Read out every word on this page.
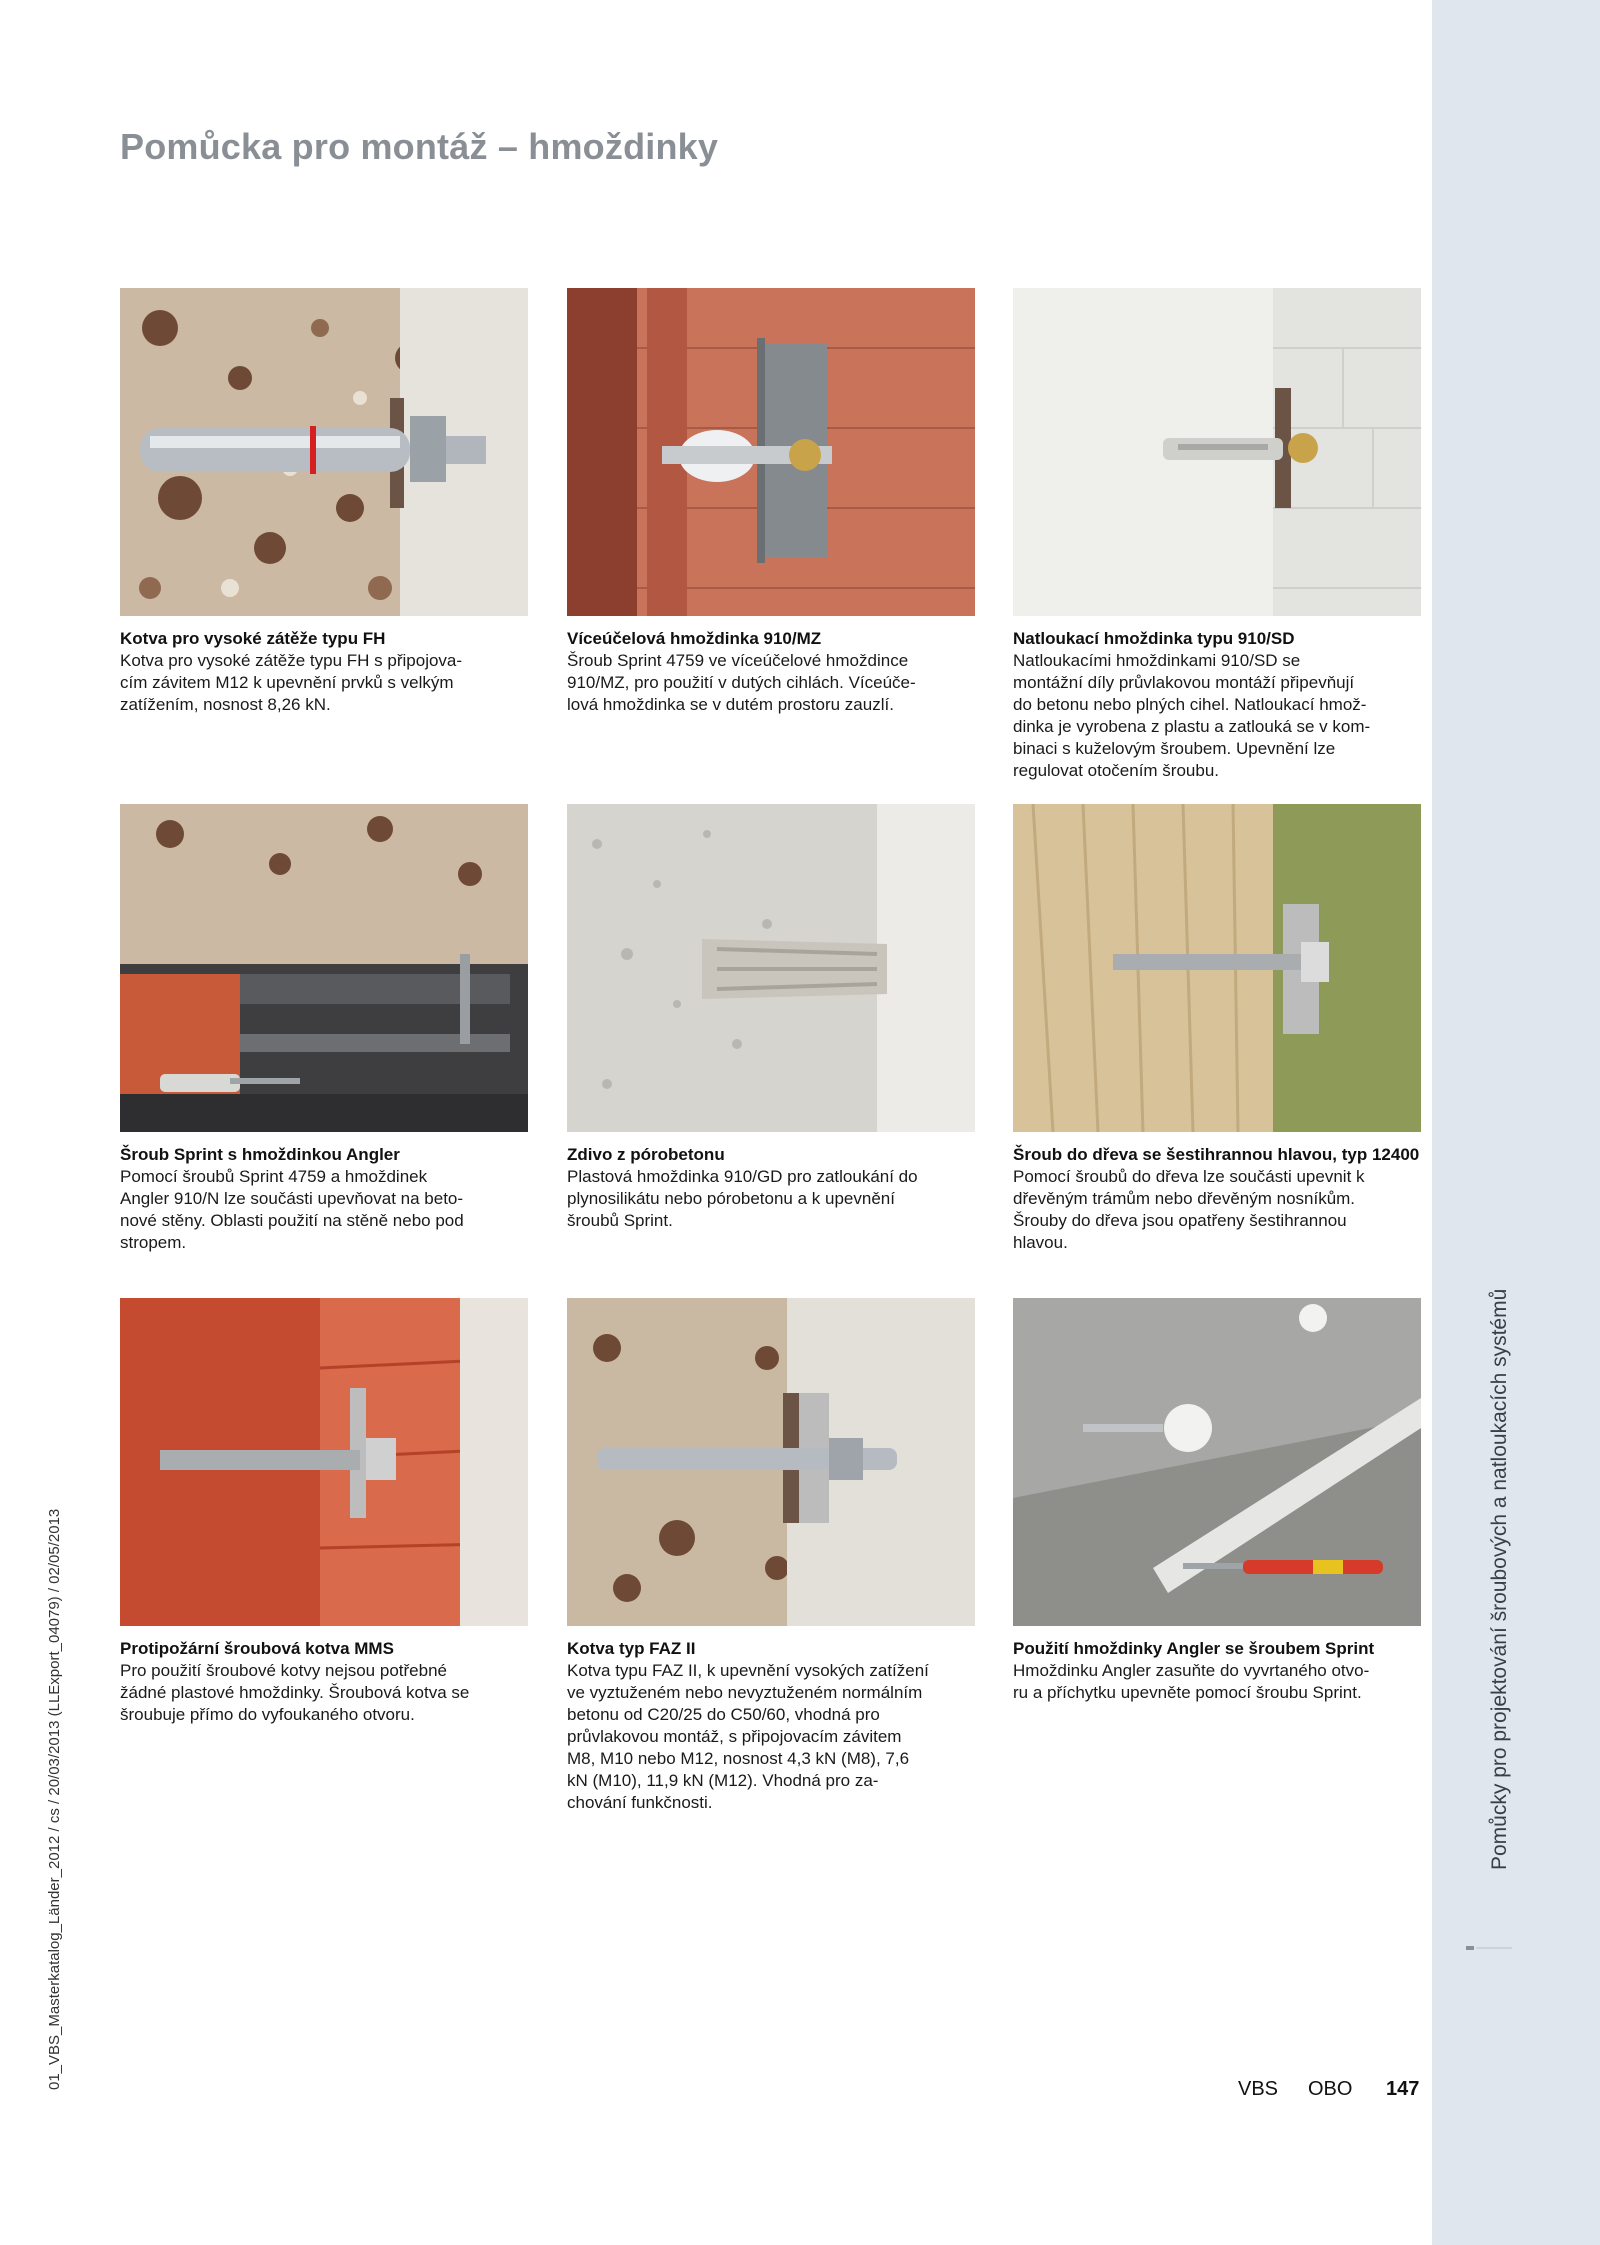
Pomůcky pro projektování šroubových a natloukacích systémů
01_VBS_Masterkatalog_Länder_2012 / cs / 20/03/2013 (LLExport_04079) / 02/05/2013
Pomůcka pro montáž – hmoždinky
Kotva pro vysoké zátěže typu FH
Kotva pro vysoké zátěže typu FH s připojova-
cím závitem M12 k upevnění prvků s velkým
zatížením, nosnost 8,26 kN.
Víceúčelová hmoždinka 910/MZ
Šroub Sprint 4759 ve víceúčelové hmoždince
910/MZ, pro použití v dutých cihlách. Víceúče-
lová hmoždinka se v dutém prostoru zauzlí.
Natloukací hmoždinka typu 910/SD
Natloukacími hmoždinkami 910/SD se
montážní díly průvlakovou montáží připevňují
do betonu nebo plných cihel. Natloukací hmož-
dinka je vyrobena z plastu a zatlouká se v kom-
binaci s kuželovým šroubem. Upevnění lze
regulovat otočením šroubu.
Šroub Sprint s hmoždinkou Angler
Pomocí šroubů Sprint 4759 a hmoždinek
Angler 910/N lze součásti upevňovat na beto-
nové stěny. Oblasti použití na stěně nebo pod
stropem.
Zdivo z pórobetonu
Plastová hmoždinka 910/GD pro zatloukání do
plynosilikátu nebo pórobetonu a k upevnění
šroubů Sprint.
Šroub do dřeva se šestihrannou hlavou, typ 12400
Pomocí šroubů do dřeva lze součásti upevnit k
dřevěným trámům nebo dřevěným nosníkům.
Šrouby do dřeva jsou opatřeny šestihrannou
hlavou.
Protipožární šroubová kotva MMS
Pro použití šroubové kotvy nejsou potřebné
žádné plastové hmoždinky. Šroubová kotva se
šroubuje přímo do vyfoukaného otvoru.
Kotva typ FAZ II
Kotva typu FAZ II, k upevnění vysokých zatížení
ve vyztuženém nebo nevyztuženém normálním
betonu od C20/25 do C50/60, vhodná pro
průvlakovou montáž, s připojovacím závitem
M8, M10 nebo M12, nosnost 4,3 kN (M8), 7,6
kN (M10), 11,9 kN (M12). Vhodná pro za-
chování funkčnosti.
Použití hmoždinky Angler se šroubem Sprint
Hmoždinku Angler zasuňte do vyvrtaného otvo-
ru a příchytku upevněte pomocí šroubu Sprint.
VBS OBO 147
